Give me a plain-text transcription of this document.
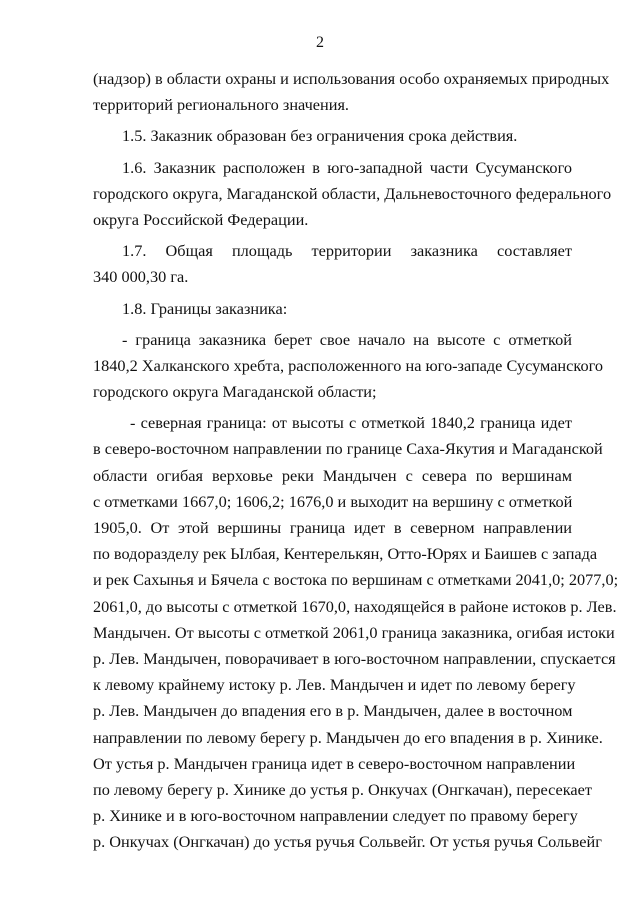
2
(надзор) в области охраны и использования особо охраняемых природных
территорий регионального значения.
1.5. Заказник образован без ограничения срока действия.
1.6. Заказник расположен в юго-западной части Сусуманского
городского округа, Магаданской области, Дальневосточного федерального
округа Российской Федерации.
1.7. Общая площадь территории заказника составляет
340 000,30 га.
1.8. Границы заказника:
- граница заказника берет свое начало на высоте с отметкой
1840,2 Халканского хребта, расположенного на юго-западе Сусуманского
городского округа Магаданской области;
- северная граница: от высоты с отметкой 1840,2 граница идет
в северо-восточном направлении по границе Саха-Якутия и Магаданской
области огибая верховье реки Мандычен с севера по вершинам
с отметками 1667,0; 1606,2; 1676,0 и выходит на вершину с отметкой
1905,0. От этой вершины граница идет в северном направлении
по водоразделу рек Ылбая, Кентерелькян, Отто-Юрях и Баишев с запада
и рек Сахынья и Бячела с востока по вершинам с отметками 2041,0; 2077,0;
2061,0, до высоты с отметкой 1670,0, находящейся в районе истоков р. Лев.
Мандычен. От высоты с отметкой 2061,0 граница заказника, огибая истоки
р. Лев. Мандычен, поворачивает в юго-восточном направлении, спускается
к левому крайнему истоку р. Лев. Мандычен и идет по левому берегу
р. Лев. Мандычен до впадения его в р. Мандычен, далее в восточном
направлении по левому берегу р. Мандычен до его впадения в р. Хинике.
От устья р. Мандычен граница идет в северо-восточном направлении
по левому берегу р. Хинике до устья р. Онкучах (Онгкачан), пересекает
р. Хинике и в юго-восточном направлении следует по правому берегу
р. Онкучах (Онгкачан) до устья ручья Сольвейг. От устья ручья Сольвейг
